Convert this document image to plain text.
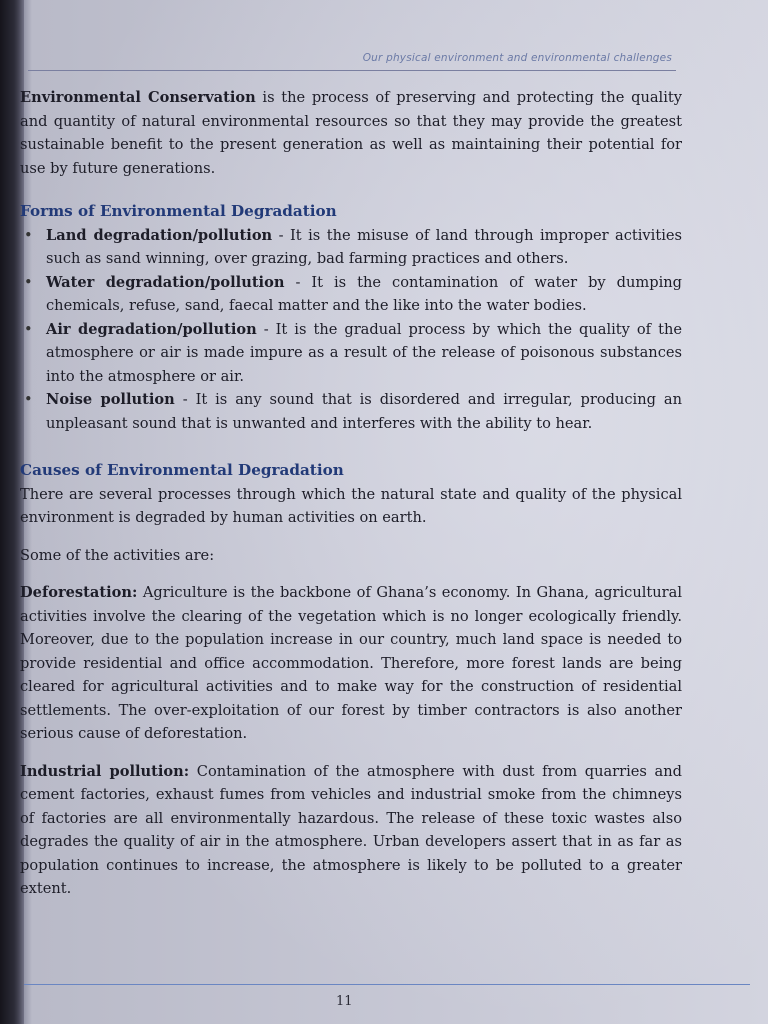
Our physical environment and environmental challenges

Environmental Conservation is the process of preserving and protecting the quality and quantity of natural environmental resources so that they may provide the greatest sustainable benefit to the present generation as well as maintaining their potential for use by future generations.

Forms of Environmental Degradation
• Land degradation/pollution - It is the misuse of land through improper activities such as sand winning, over grazing, bad farming practices and others.
• Water degradation/pollution - It is the contamination of water by dumping chemicals, refuse, sand, faecal matter and the like into the water bodies.
• Air degradation/pollution - It is the gradual process by which the quality of the atmosphere or air is made impure as a result of the release of poisonous substances into the atmosphere or air.
• Noise pollution - It is any sound that is disordered and irregular, producing an unpleasant sound that is unwanted and interferes with the ability to hear.
Causes of Environmental Degradation

There are several processes through which the natural state and quality of the physical environment is degraded by human activities on earth.

Some of the activities are:

Deforestation: Agriculture is the backbone of Ghana’s economy. In Ghana, agricultural activities involve the clearing of the vegetation which is no longer ecologically friendly. Moreover, due to the population increase in our country, much land space is needed to provide residential and office accommodation. Therefore, more forest lands are being cleared for agricultural activities and to make way for the construction of residential settlements. The over-exploitation of our forest by timber contractors is also another serious cause of deforestation.

Industrial pollution: Contamination of the atmosphere with dust from quarries and cement factories, exhaust fumes from vehicles and industrial smoke from the chimneys of factories are all environmentally hazardous. The release of these toxic wastes also degrades the quality of air in the atmosphere. Urban developers assert that in as far as population continues to increase, the atmosphere is likely to be polluted to a greater extent.

11
